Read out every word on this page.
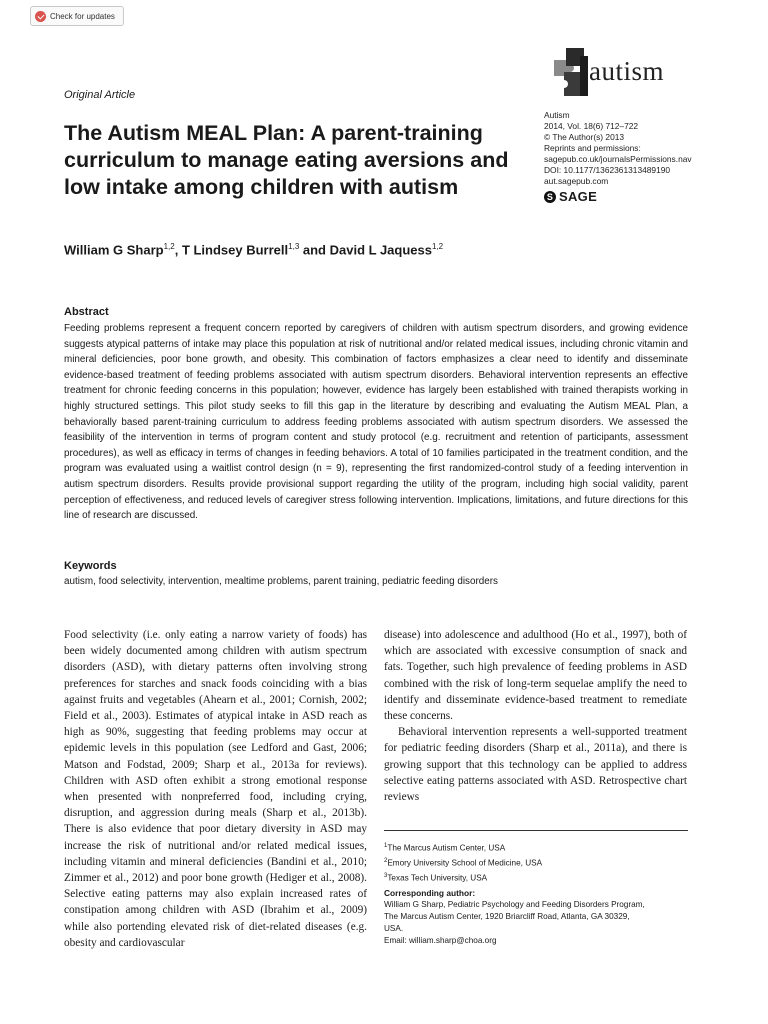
Check for updates
Original Article
The Autism MEAL Plan: A parent-training curriculum to manage eating aversions and low intake among children with autism
autism
Autism
2014, Vol. 18(6) 712–722
© The Author(s) 2013
Reprints and permissions:
sagepub.co.uk/journalsPermissions.nav
DOI: 10.1177/1362361313489190
aut.sagepub.com
S SAGE
William G Sharp$^{1,2}$, T Lindsey Burrell$^{1,3}$ and David L Jaquess$^{1,2}$
Abstract
Feeding problems represent a frequent concern reported by caregivers of children with autism spectrum disorders, and growing evidence suggests atypical patterns of intake may place this population at risk of nutritional and/or related medical issues, including chronic vitamin and mineral deficiencies, poor bone growth, and obesity. This combination of factors emphasizes a clear need to identify and disseminate evidence-based treatment of feeding problems associated with autism spectrum disorders. Behavioral intervention represents an effective treatment for chronic feeding concerns in this population; however, evidence has largely been established with trained therapists working in highly structured settings. This pilot study seeks to fill this gap in the literature by describing and evaluating the Autism MEAL Plan, a behaviorally based parent-training curriculum to address feeding problems associated with autism spectrum disorders. We assessed the feasibility of the intervention in terms of program content and study protocol (e.g. recruitment and retention of participants, assessment procedures), as well as efficacy in terms of changes in feeding behaviors. A total of 10 families participated in the treatment condition, and the program was evaluated using a waitlist control design (n = 9), representing the first randomized-control study of a feeding intervention in autism spectrum disorders. Results provide provisional support regarding the utility of the program, including high social validity, parent perception of effectiveness, and reduced levels of caregiver stress following intervention. Implications, limitations, and future directions for this line of research are discussed.
Keywords
autism, food selectivity, intervention, mealtime problems, parent training, pediatric feeding disorders
Food selectivity (i.e. only eating a narrow variety of foods) has been widely documented among children with autism spectrum disorders (ASD), with dietary patterns often involving strong preferences for starches and snack foods coinciding with a bias against fruits and vegetables (Ahearn et al., 2001; Cornish, 2002; Field et al., 2003). Estimates of atypical intake in ASD reach as high as 90%, suggesting that feeding problems may occur at epidemic levels in this population (see Ledford and Gast, 2006; Matson and Fodstad, 2009; Sharp et al., 2013a for reviews). Children with ASD often exhibit a strong emotional response when presented with nonpreferred food, including crying, disruption, and aggression during meals (Sharp et al., 2013b). There is also evidence that poor dietary diversity in ASD may increase the risk of nutritional and/or related medical issues, including vitamin and mineral deficiencies (Bandini et al., 2010; Zimmer et al., 2012) and poor bone growth (Hediger et al., 2008). Selective eating patterns may also explain increased rates of constipation among children with ASD (Ibrahim et al., 2009) while also portending elevated risk of diet-related diseases (e.g. obesity and cardiovascular

disease) into adolescence and adulthood (Ho et al., 1997), both of which are associated with excessive consumption of snack and fats. Together, such high prevalence of feeding problems in ASD combined with the risk of long-term sequelae amplify the need to identify and disseminate evidence-based treatment to remediate these concerns.

Behavioral intervention represents a well-supported treatment for pediatric feeding disorders (Sharp et al., 2011a), and there is growing support that this technology can be applied to address selective eating patterns associated with ASD. Retrospective chart reviews

$^1$The Marcus Autism Center, USA
$^2$Emory University School of Medicine, USA
$^3$Texas Tech University, USA
Corresponding author:
William G Sharp, Pediatric Psychology and Feeding Disorders Program,
The Marcus Autism Center, 1920 Briarcliff Road, Atlanta, GA 30329,
USA.
Email: william.sharp@choa.org
